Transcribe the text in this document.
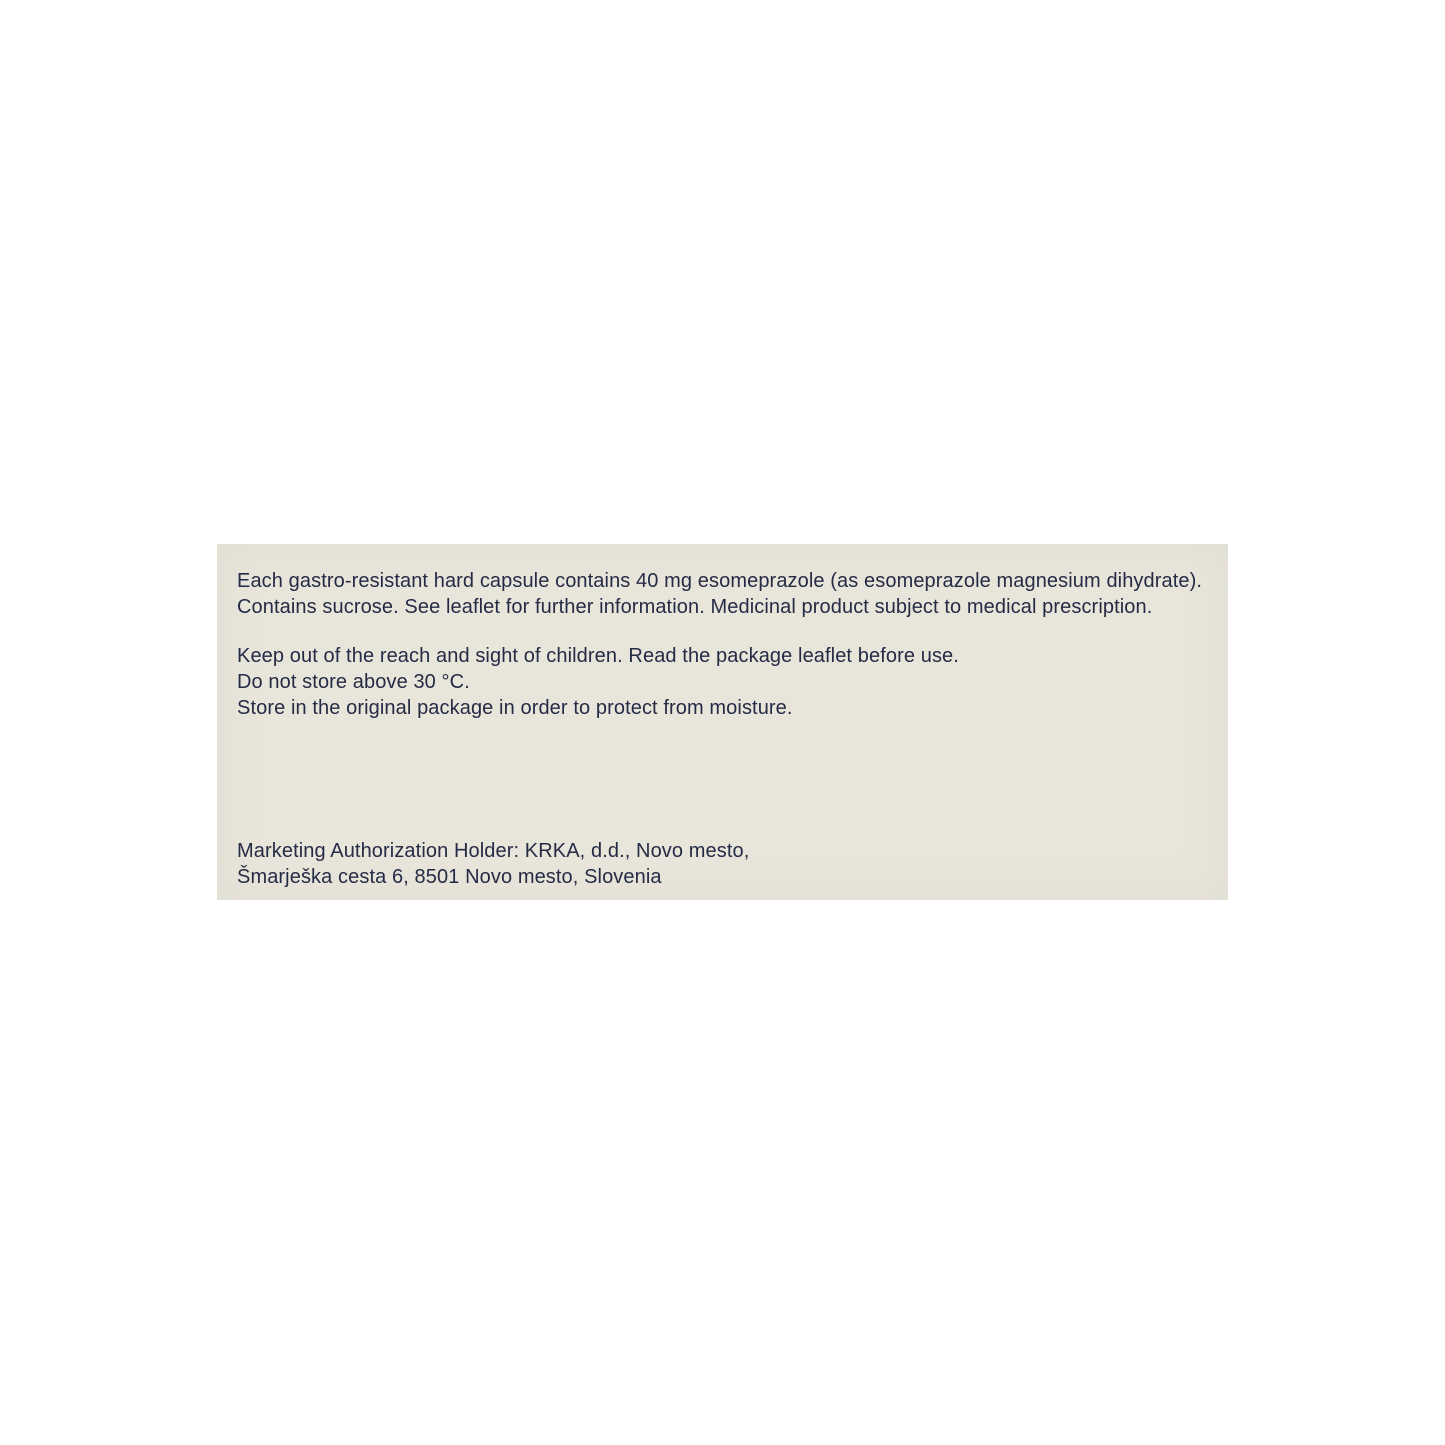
Each gastro-resistant hard capsule contains 40 mg esomeprazole (as esomeprazole magnesium dihydrate).
Contains sucrose. See leaflet for further information. Medicinal product subject to medical prescription.
Keep out of the reach and sight of children. Read the package leaflet before use.
Do not store above 30 °C.
Store in the original package in order to protect from moisture.
Marketing Authorization Holder: KRKA, d.d., Novo mesto,
Šmarješka cesta 6, 8501 Novo mesto, Slovenia
